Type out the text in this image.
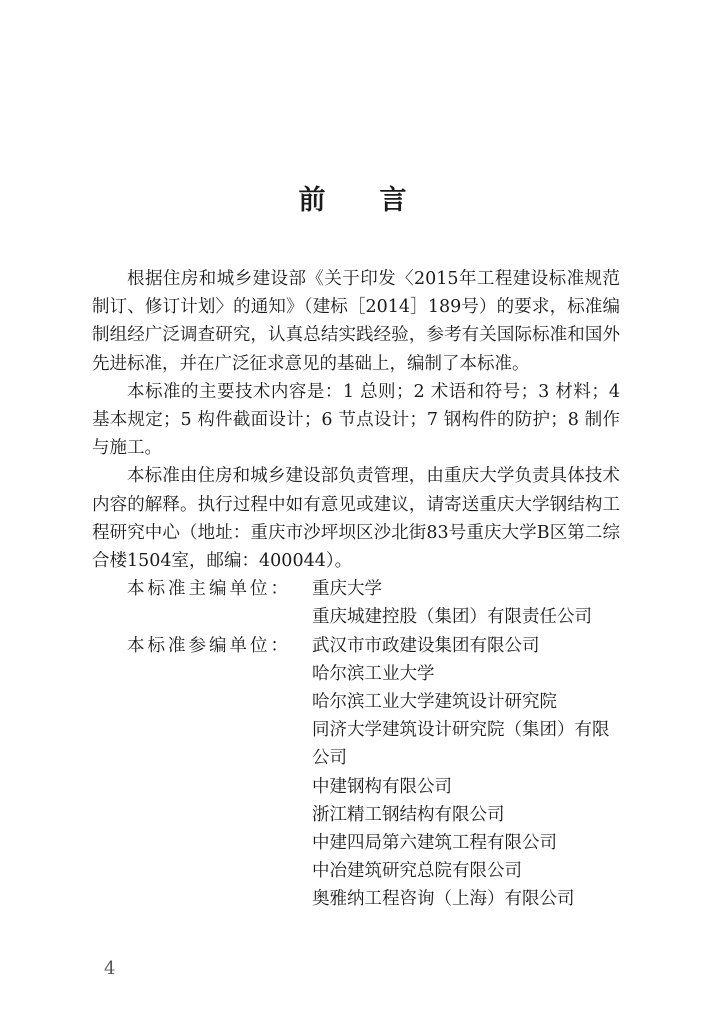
前 言

根据住房和城乡建设部《关于印发〈2015年工程建设标准规范制订、修订计划〉的通知》（建标［2014］189号）的要求，标准编制组经广泛调查研究，认真总结实践经验，参考有关国际标准和国外先进标准，并在广泛征求意见的基础上，编制了本标准。

本标准的主要技术内容是：1 总则；2 术语和符号；3 材料；4 基本规定；5 构件截面设计；6 节点设计；7 钢构件的防护；8 制作与施工。

本标准由住房和城乡建设部负责管理，由重庆大学负责具体技术内容的解释。执行过程中如有意见或建议，请寄送重庆大学钢结构工程研究中心（地址：重庆市沙坪坝区沙北街83号重庆大学B区第二综合楼1504室，邮编：400044）。

本标准主编单位：	重庆大学
重庆城建控股（集团）有限责任公司
本标准参编单位：	武汉市市政建设集团有限公司
哈尔滨工业大学
哈尔滨工业大学建筑设计研究院
同济大学建筑设计研究院（集团）有限公司
中建钢构有限公司
浙江精工钢结构有限公司
中建四局第六建筑工程有限公司
中冶建筑研究总院有限公司
奥雅纳工程咨询（上海）有限公司
4
